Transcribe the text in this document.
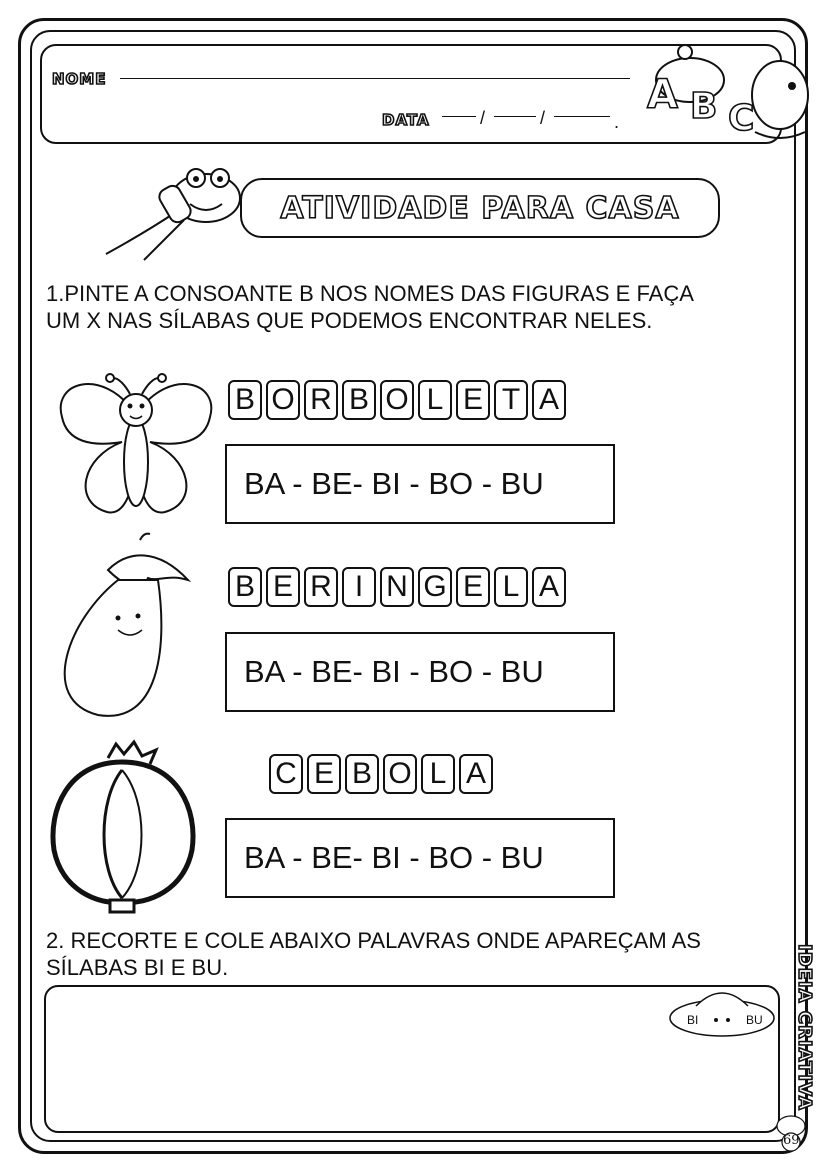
NOME
DATA	/	/	.
A B C
ATIVIDADE PARA CASA
1.PINTE A CONSOANTE B NOS NOMES DAS FIGURAS E FAÇA
UM X NAS SÍLABAS QUE PODEMOS ENCONTRAR NELES.
B O R B O L E T A
BA - BE- BI - BO - BU
B E R I N G E L A
BA - BE- BI - BO - BU
C E B O L A
BA - BE- BI - BO - BU
2. RECORTE E COLE ABAIXO PALAVRAS ONDE APAREÇAM AS
SÍLABAS BI E BU.
BI	BU IDEIA CRIATIVA
69
